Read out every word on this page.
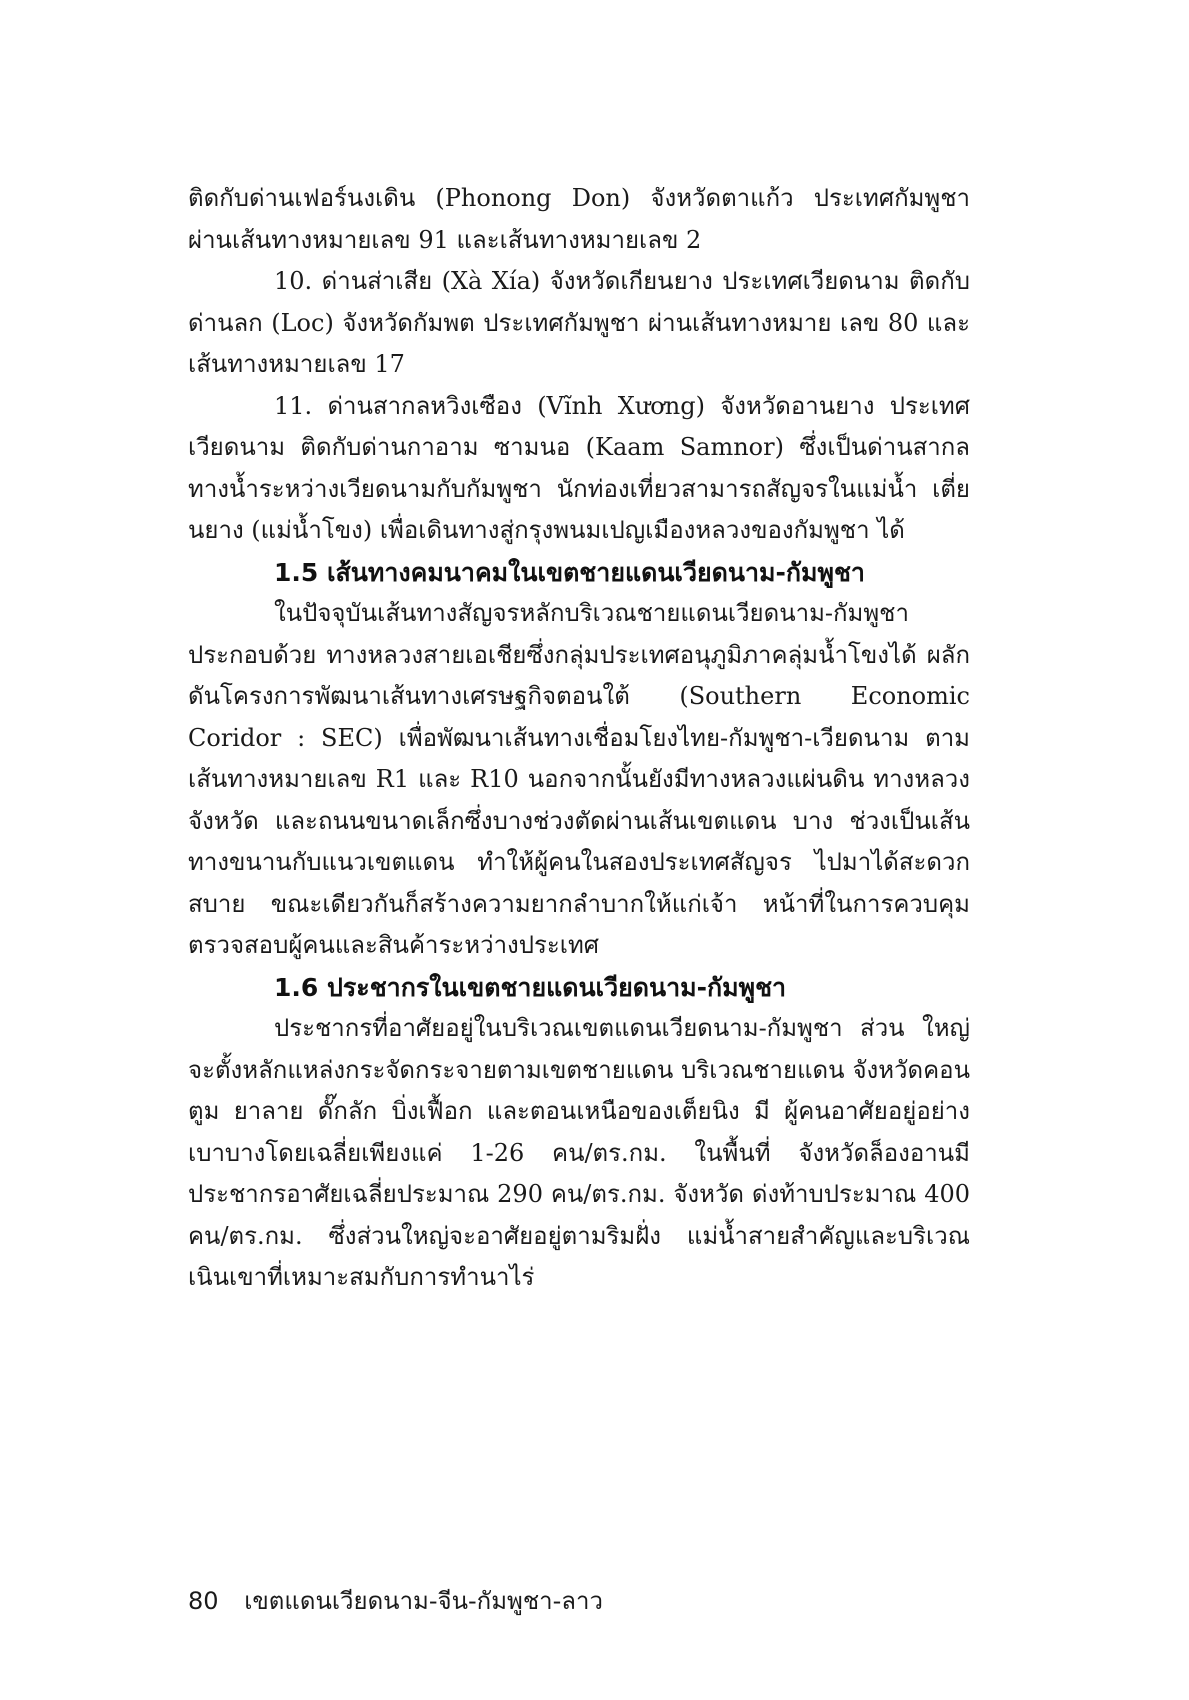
ติดกับด่านเฟอร์นงเดิน (Phonong Don) จังหวัดตาแก้ว ประเทศกัมพูชา ผ่านเส้นทางหมายเลข 91 และเส้นทางหมายเลข 2

10. ด่านส่าเสีย (Xà Xía) จังหวัดเกียนยาง ประเทศเวียดนาม ติดกับด่านลก (Loc) จังหวัดกัมพต ประเทศกัมพูชา ผ่านเส้นทางหมาย เลข 80 และเส้นทางหมายเลข 17

11. ด่านสากลหวิงเซือง (Vĩnh Xương) จังหวัดอานยาง ประเทศ เวียดนาม ติดกับด่านกาอาม ซามนอ (Kaam Samnor) ซึ่งเป็นด่านสากล ทางน้ำระหว่างเวียดนามกับกัมพูชา นักท่องเที่ยวสามารถสัญจรในแม่น้ำ เตี่ยนยาง (แม่น้ำโขง) เพื่อเดินทางสู่กรุงพนมเปญเมืองหลวงของกัมพูชา ได้

1.5 เส้นทางคมนาคมในเขตชายแดนเวียดนาม-กัมพูชา

ในปัจจุบันเส้นทางสัญจรหลักบริเวณชายแดนเวียดนาม-กัมพูชา ประกอบด้วย ทางหลวงสายเอเชียซึ่งกลุ่มประเทศอนุภูมิภาคลุ่มน้ำโขงได้ ผลักดันโครงการพัฒนาเส้นทางเศรษฐกิจตอนใต้ (Southern Economic Coridor : SEC) เพื่อพัฒนาเส้นทางเชื่อมโยงไทย-กัมพูชา-เวียดนาม ตามเส้นทางหมายเลข R1 และ R10 นอกจากนั้นยังมีทางหลวงแผ่นดิน ทางหลวงจังหวัด และถนนขนาดเล็กซึ่งบางช่วงตัดผ่านเส้นเขตแดน บาง ช่วงเป็นเส้นทางขนานกับแนวเขตแดน ทำให้ผู้คนในสองประเทศสัญจร ไปมาได้สะดวกสบาย ขณะเดียวกันก็สร้างความยากลำบากให้แก่เจ้า หน้าที่ในการควบคุม ตรวจสอบผู้คนและสินค้าระหว่างประเทศ

1.6 ประชากรในเขตชายแดนเวียดนาม-กัมพูชา

ประชากรที่อาศัยอยู่ในบริเวณเขตแดนเวียดนาม-กัมพูชา ส่วน ใหญ่จะตั้งหลักแหล่งกระจัดกระจายตามเขตชายแดน บริเวณชายแดน จังหวัดคอนตูม ยาลาย ดั๊กลัก บิ่งเฟื้อก และตอนเหนือของเต็ยนิง มี ผู้คนอาศัยอยู่อย่างเบาบางโดยเฉลี่ยเพียงแค่ 1-26 คน/ตร.กม. ในพื้นที่ จังหวัดล็องอานมีประชากรอาศัยเฉลี่ยประมาณ 290 คน/ตร.กม. จังหวัด ด่งท้าบประมาณ 400 คน/ตร.กม. ซึ่งส่วนใหญ่จะอาศัยอยู่ตามริมฝั่ง แม่น้ำสายสำคัญและบริเวณเนินเขาที่เหมาะสมกับการทำนาไร่

80 เขตแดนเวียดนาม-จีน-กัมพูชา-ลาว
